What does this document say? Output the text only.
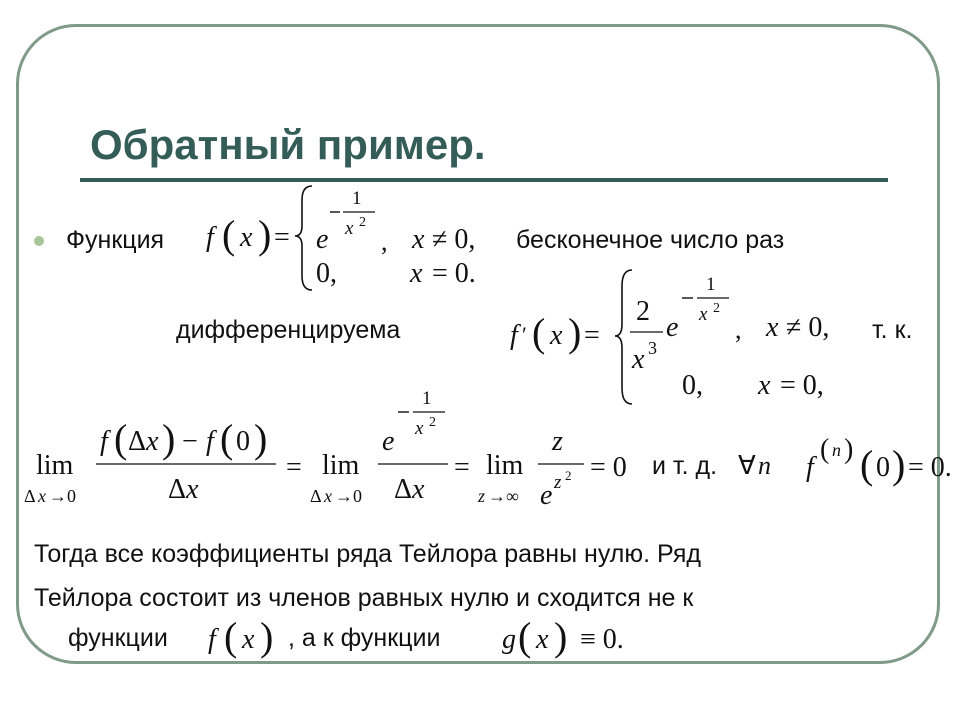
Обратный пример.
Функция f ( x ) = e
1
x 2
, x ≠ 0,
0,	x = 0.
бесконечное число раз
дифференцируема	f ′ ( x ) =
2
x 3
e
1
x 2
, x ≠ 0,
0, x = 0,
т. к.
lim
Δ x →0
f ( Δ x ) − f ( 0 )
Δ x
= lim
Δ x →0
e
1
x 2
Δ x
= lim
z →∞
z
e z 2 = 0 и т. д. ∀ n f
( n ) ( 0 ) = 0.
Тогда все коэффициенты ряда Тейлора равны нулю. Ряд
Тейлора состоит из членов равных нулю и сходится не к
функции f ( x ) , а к функции g ( x ) ≡ 0.
